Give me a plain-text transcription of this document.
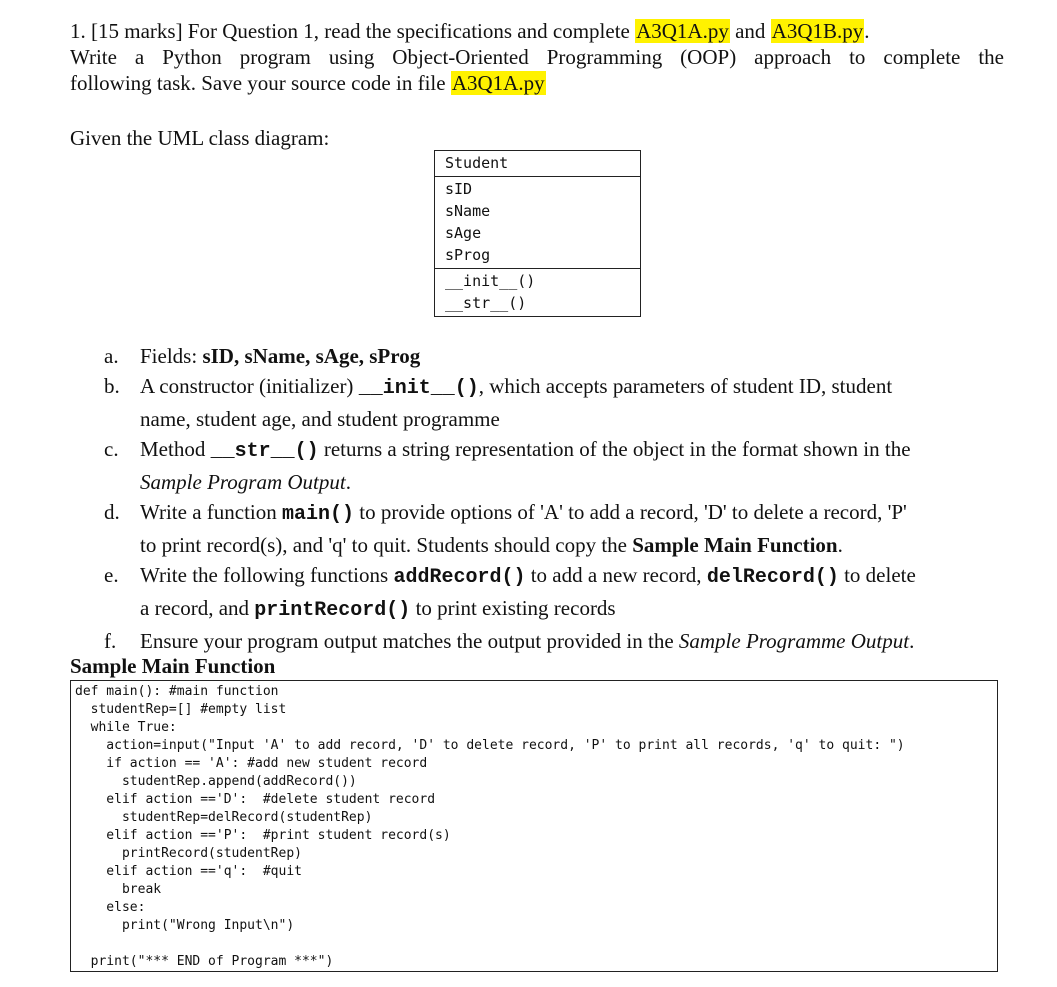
1. [15 marks] For Question 1, read the specifications and complete A3Q1A.py and A3Q1B.py.

Write a Python program using Object-Oriented Programming (OOP) approach to complete the

following task. Save your source code in file A3Q1A.py

Given the UML class diagram:
Student
sID
sName
sAge
sProg
__init__()
__str__()
a.	Fields: sID, sName, sAge, sProg
b. A constructor (initializer) __init__(), which accepts parameters of student ID, student
name, student age, and student programme
c.	Method __str__() returns a string representation of the object in the format shown in the
Sample Program Output.
d. Write a function main() to provide options of 'A' to add a record, 'D' to delete a record, 'P'
to print record(s), and 'q' to quit. Students should copy the Sample Main Function.
e.	Write the following functions addRecord() to add a new record, delRecord() to delete
a record, and printRecord() to print existing records
f.	Ensure your program output matches the output provided in the Sample Programme Output.
Sample Main Function
def main(): #main function
studentRep=[] #empty list
while True:
action=input("Input 'A' to add record, 'D' to delete record, 'P' to print all records, 'q' to quit: ")
if action == 'A': #add new student record
studentRep.append(addRecord())
elif action =='D':  #delete student record
studentRep=delRecord(studentRep)
elif action =='P':  #print student record(s)
printRecord(studentRep)
elif action =='q':  #quit
break
else:
print("Wrong Input\n")
print("*** END of Program ***")
